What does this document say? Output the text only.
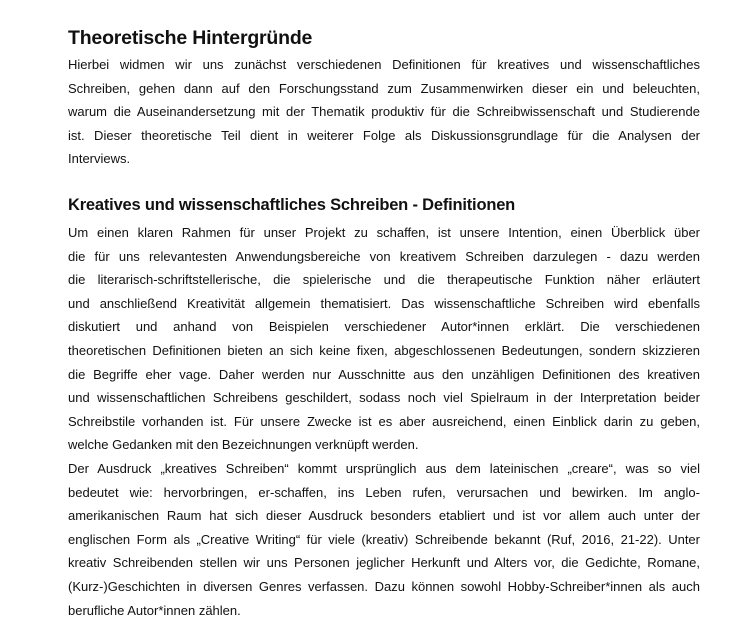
Theoretische Hintergründe
Hierbei widmen wir uns zunächst verschiedenen Definitionen für kreatives und wissenschaftliches
Schreiben, gehen dann auf den Forschungsstand zum Zusammenwirken dieser ein und beleuchten,
warum die Auseinandersetzung mit der Thematik produktiv für die Schreibwissenschaft und Studierende
ist. Dieser theoretische Teil dient in weiterer Folge als Diskussionsgrundlage für die Analysen der
Interviews.
Kreatives und wissenschaftliches Schreiben - Definitionen
Um einen klaren Rahmen für unser Projekt zu schaffen, ist unsere Intention, einen Überblick über
die für uns relevantesten Anwendungsbereiche von kreativem Schreiben darzulegen - dazu werden
die literarisch-schriftstellerische, die spielerische und die therapeutische Funktion näher erläutert
und anschließend Kreativität allgemein thematisiert. Das wissenschaftliche Schreiben wird ebenfalls
diskutiert und anhand von Beispielen verschiedener Autor*innen erklärt. Die verschiedenen
theoretischen Definitionen bieten an sich keine fixen, abgeschlossenen Bedeutungen, sondern skizzieren
die Begriffe eher vage. Daher werden nur Ausschnitte aus den unzähligen Definitionen des kreativen
und wissenschaftlichen Schreibens geschildert, sodass noch viel Spielraum in der Interpretation beider
Schreibstile vorhanden ist. Für unsere Zwecke ist es aber ausreichend, einen Einblick darin zu geben,
welche Gedanken mit den Bezeichnungen verknüpft werden.
Der Ausdruck „kreatives Schreiben“ kommt ursprünglich aus dem lateinischen „creare“, was so viel
bedeutet wie: hervorbringen, er-schaffen, ins Leben rufen, verursachen und bewirken. Im anglo-
amerikanischen Raum hat sich dieser Ausdruck besonders etabliert und ist vor allem auch unter der
englischen Form als „Creative Writing“ für viele (kreativ) Schreibende bekannt (Ruf, 2016, 21-22). Unter
kreativ Schreibenden stellen wir uns Personen jeglicher Herkunft und Alters vor, die Gedichte, Romane,
(Kurz-)Geschichten in diversen Genres verfassen. Dazu können sowohl Hobby-Schreiber*innen als auch
berufliche Autor*innen zählen.
